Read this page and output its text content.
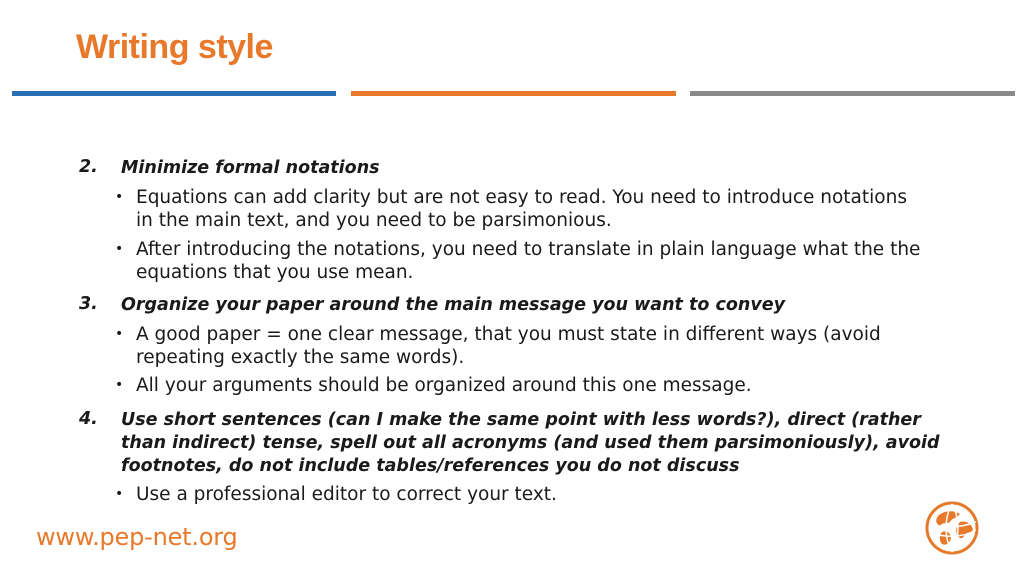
Writing style
2. Minimize formal notations
• Equations can add clarity but are not easy to read. You need to introduce notations in the main text, and you need to be parsimonious.
• After introducing the notations, you need to translate in plain language what the the equations that you use mean.
3. Organize your paper around the main message you want to convey
• A good paper = one clear message, that you must state in different ways (avoid repeating exactly the same words).
• All your arguments should be organized around this one message.
4. Use short sentences (can I make the same point with less words?), direct (rather than indirect) tense, spell out all acronyms (and used them parsimoniously), avoid footnotes, do not include tables/references you do not discuss
• Use a professional editor to correct your text.
www.pep-net.org
